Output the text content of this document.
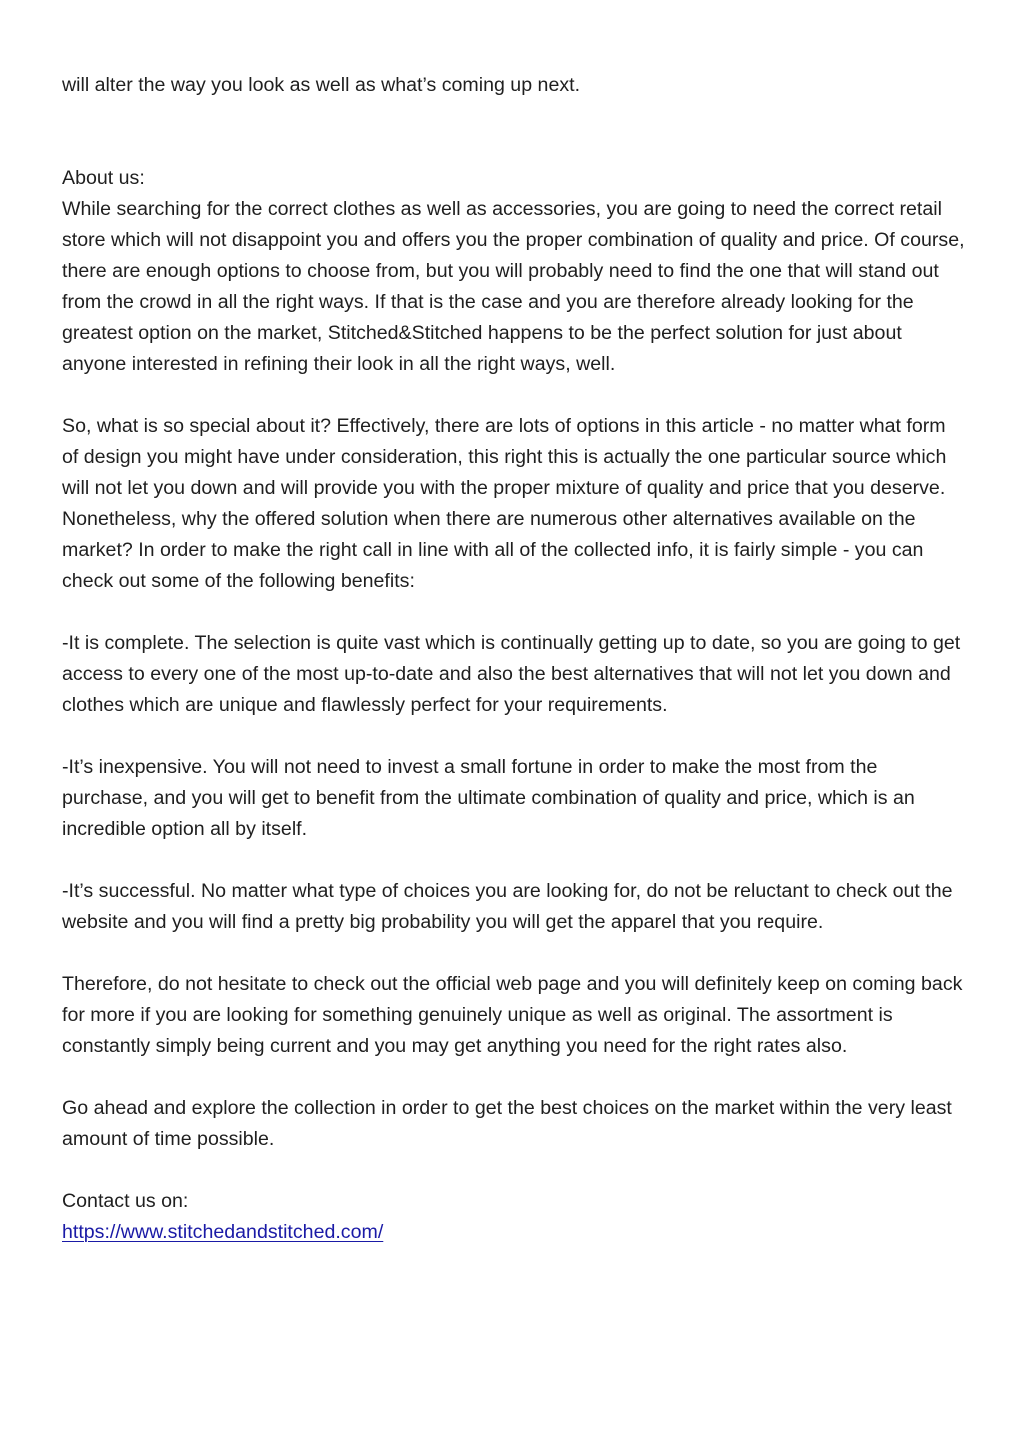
will alter the way you look as well as what’s coming up next.

About us:

While searching for the correct clothes as well as accessories, you are going to need the correct retail store which will not disappoint you and offers you the proper combination of quality and price. Of course, there are enough options to choose from, but you will probably need to find the one that will stand out from the crowd in all the right ways. If that is the case and you are therefore already looking for the greatest option on the market, Stitched&Stitched happens to be the perfect solution for just about anyone interested in refining their look in all the right ways, well.

So, what is so special about it? Effectively, there are lots of options in this article - no matter what form of design you might have under consideration, this right this is actually the one particular source which will not let you down and will provide you with the proper mixture of quality and price that you deserve. Nonetheless, why the offered solution when there are numerous other alternatives available on the market? In order to make the right call in line with all of the collected info, it is fairly simple - you can check out some of the following benefits:

-It is complete. The selection is quite vast which is continually getting up to date, so you are going to get access to every one of the most up-to-date and also the best alternatives that will not let you down and clothes which are unique and flawlessly perfect for your requirements.

-It’s inexpensive. You will not need to invest a small fortune in order to make the most from the purchase, and you will get to benefit from the ultimate combination of quality and price, which is an incredible option all by itself.

-It’s successful. No matter what type of choices you are looking for, do not be reluctant to check out the website and you will find a pretty big probability you will get the apparel that you require.

Therefore, do not hesitate to check out the official web page and you will definitely keep on coming back for more if you are looking for something genuinely unique as well as original. The assortment is constantly simply being current and you may get anything you need for the right rates also.

Go ahead and explore the collection in order to get the best choices on the market within the very least amount of time possible.

Contact us on:

https://www.stitchedandstitched.com/
